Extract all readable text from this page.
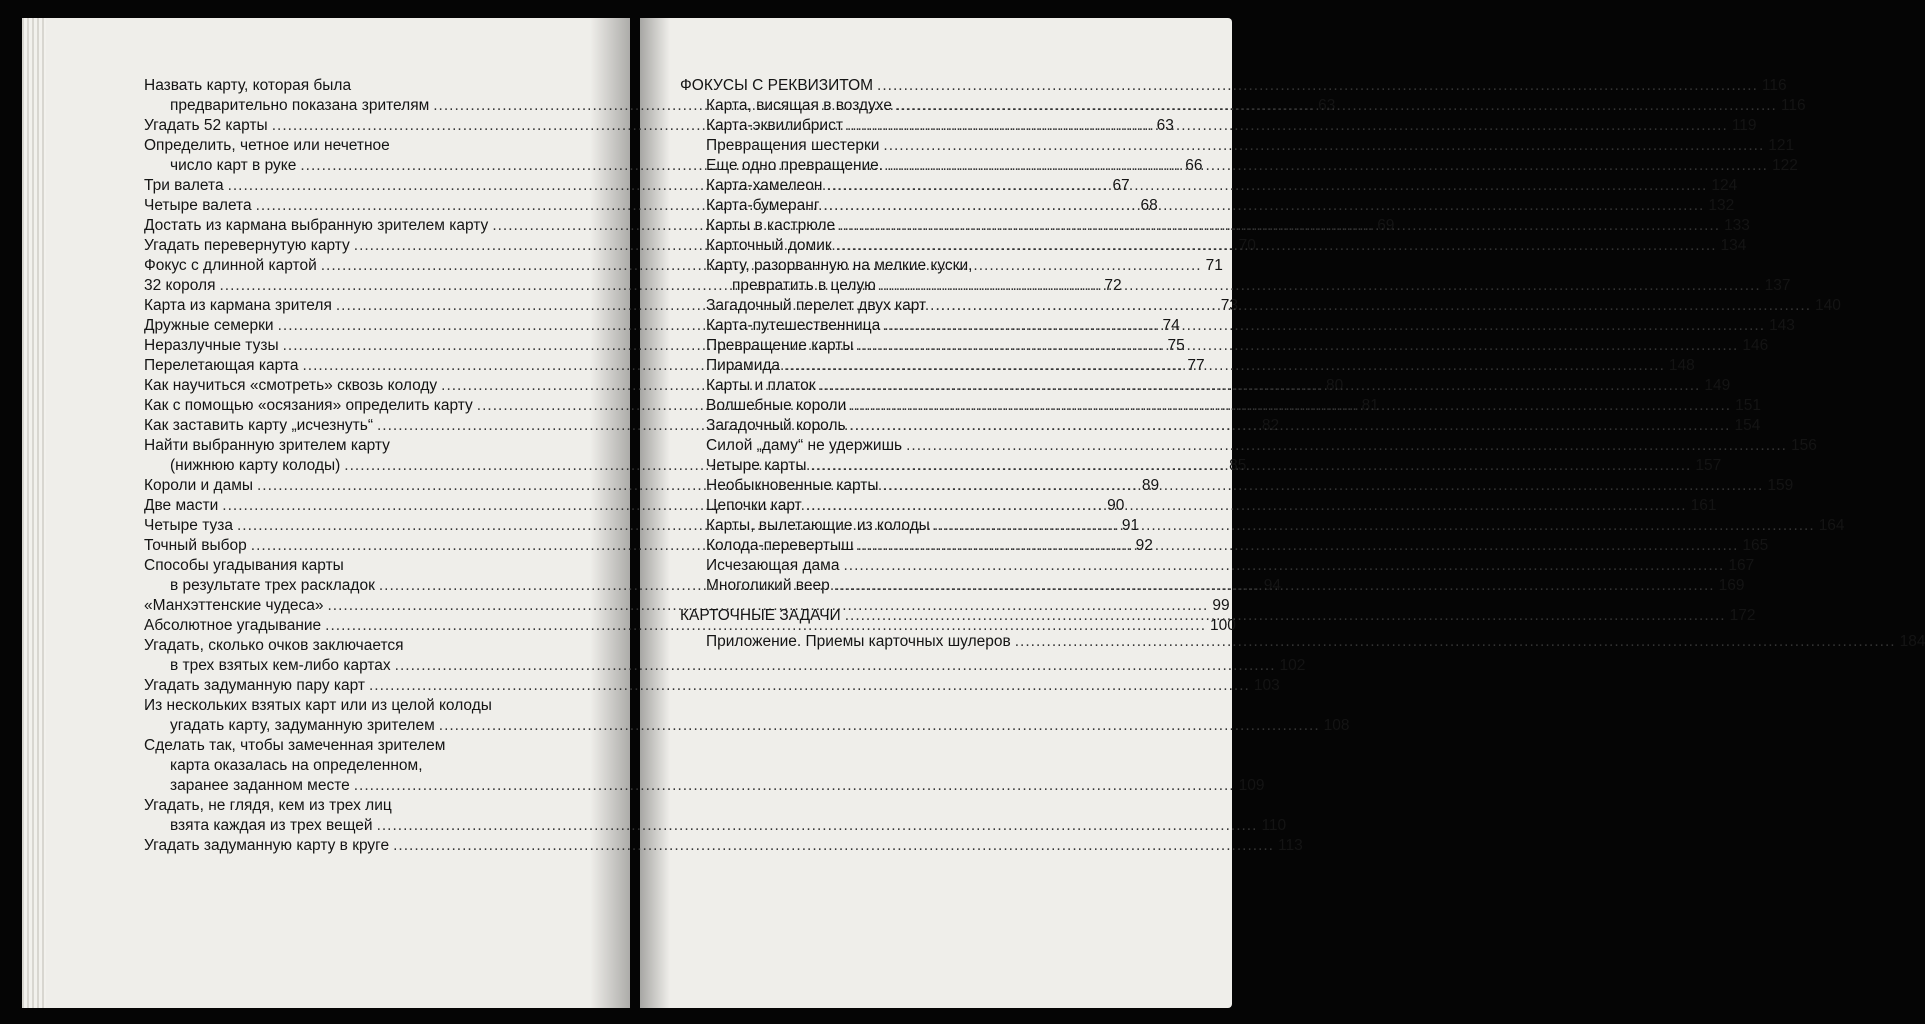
Назвать карту, которая была
предварительно показана зрителям .....	63
Угадать 52 карты .....	63
Определить, четное или нечетное
число карт в руке .....	66
Три валета .....	67
Четыре валета .....	68
Достать из кармана выбранную зрителем карту .....	69
Угадать перевернутую карту .....	70
Фокус с длинной картой .....	71
32 короля .....	72
Карта из кармана зрителя .....	73
Дружные семерки .....	74
Неразлучные тузы .....	75
Перелетающая карта .....	77
Как научиться «смотреть» сквозь колоду .....	80
Как с помощью «осязания» определить карту .....	81
Как заставить карту „исчезнуть“ .....	82
Найти выбранную зрителем карту
(нижнюю карту колоды) .....	85
Короли и дамы .....	89
Две масти .....	90
Четыре туза .....	91
Точный выбор .....	92
Способы угадывания карты
в результате трех раскладок .....	94
«Манхэттенские чудеса» .....	99
Абсолютное угадывание .....	100
Угадать, сколько очков заключается
в трех взятых кем-либо картах .....	102
Угадать задуманную пару карт .....	103
Из нескольких взятых карт или из целой колоды
угадать карту, задуманную зрителем .....	108
Сделать так, чтобы замеченная зрителем
карта оказалась на определенном,
заранее заданном месте .....	109
Угадать, не глядя, кем из трех лиц
взята каждая из трех вещей .....	110
Угадать задуманную карту в круге .....	113
ФОКУСЫ С РЕКВИЗИТОМ .....	116
Карта, висящая в воздухе .....	116
Карта-эквилибрист .....	119
Превращения шестерки .....	121
Еще одно превращение. .....	122
Карта-хамелеон .....	124
Карта-бумеранг .....	132
Карты в кастрюле .....	133
Карточный домик .....	134
Карту, разорванную на мелкие куски,
превратить в целую .....	137
Загадочный перелет двух карт .....	140
Карта-путешественница .....	143
Превращение карты .....	146
Пирамида .....	148
Карты и платок .....	149
Волшебные короли .....	151
Загадочный король .....	154
Силой „даму“ не удержишь .....	156
Четыре карты .....	157
Необыкновенные карты .....	159
Цепочки карт .....	161
Карты, вылетающие из колоды .....	164
Колода-перевертыш .....	165
Исчезающая дама .....	167
Многоликий веер .....	169
КАРТОЧНЫЕ ЗАДАЧИ .....	172
Приложение. Приемы карточных шулеров .....	184
